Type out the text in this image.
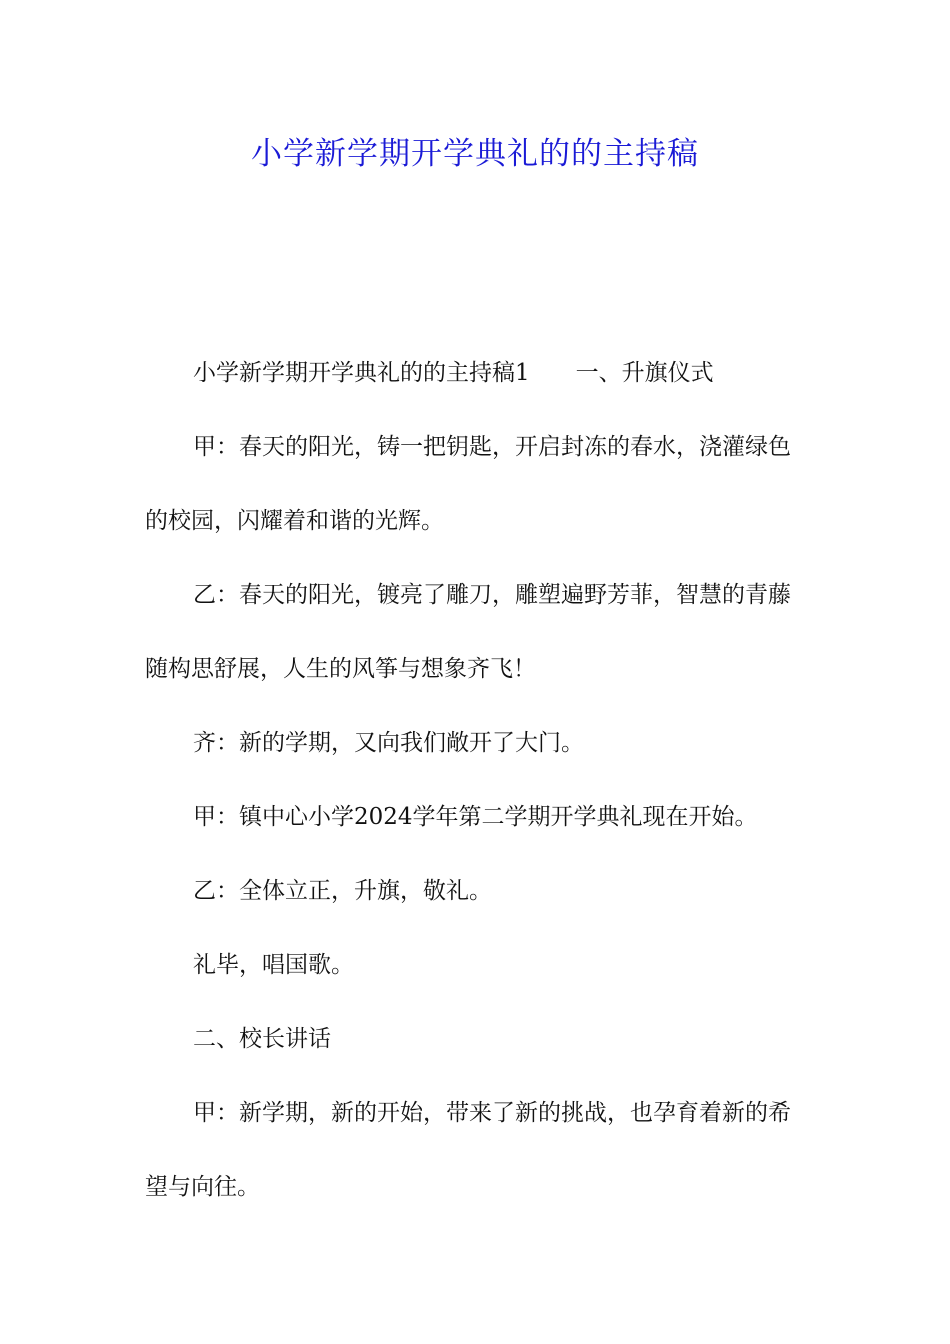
小学新学期开学典礼的的主持稿

小学新学期开学典礼的的主持稿1 一、升旗仪式

甲：春天的阳光，铸一把钥匙，开启封冻的春水，浇灌绿色的校园，闪耀着和谐的光辉。

乙：春天的阳光，镀亮了雕刀，雕塑遍野芳菲，智慧的青藤随构思舒展，人生的风筝与想象齐飞！

齐：新的学期，又向我们敞开了大门。

甲：镇中心小学2024学年第二学期开学典礼现在开始。

乙：全体立正，升旗，敬礼。

礼毕，唱国歌。

二、校长讲话

甲：新学期，新的开始，带来了新的挑战，也孕育着新的希望与向往。
